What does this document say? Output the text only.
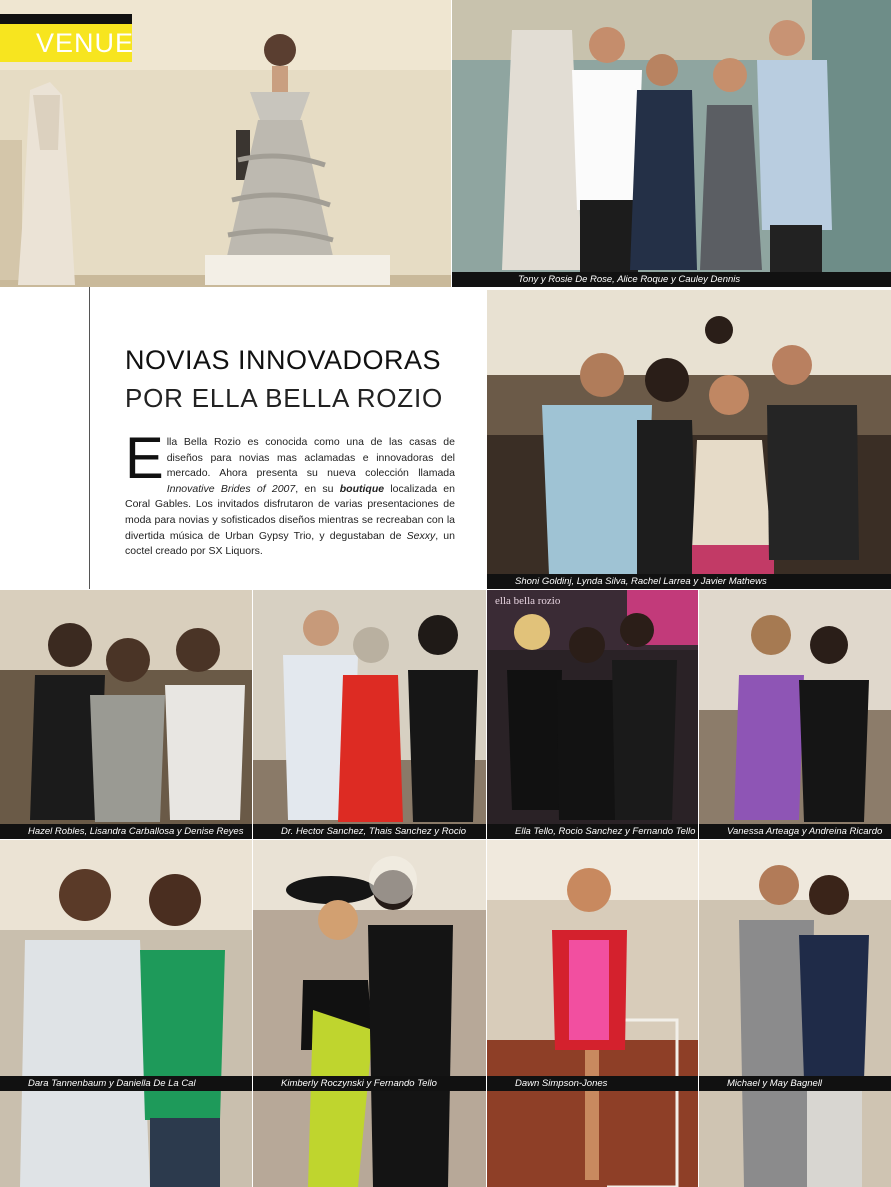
VENUE
Tony y Rosie De Rose, Alice Roque y Cauley Dennis
NOVIAS INNOVADORAS
POR ELLA BELLA ROZIO
Ella Bella Rozio es conocida como una de las casas de diseños para novias mas aclamadas e innovadoras del mercado. Ahora presenta su nueva colección llamada Innovative Brides of 2007, en su boutique localizada en Coral Gables. Los invitados disfrutaron de varias presentaciones de moda para novias y sofisticados diseños mientras se recreaban con la divertida música de Urban Gypsy Trio, y degustaban de Sexxy, un coctel creado por SX Liquors.
Shoni Goldinj, Lynda Silva, Rachel Larrea y Javier Mathews
Hazel Robles, Lisandra Carballosa y Denise Reyes	Dr. Hector Sanchez, Thais Sanchez y Rocio
ella bella rozio
Ella Tello, Rocio Sanchez y Fernando Tello	Vanessa Arteaga y Andreina Ricardo
Dara Tannenbaum y Daniella De La Cal	Kimberly Roczynski y Fernando Tello	Dawn Simpson-Jones	Michael y May Bagnell
